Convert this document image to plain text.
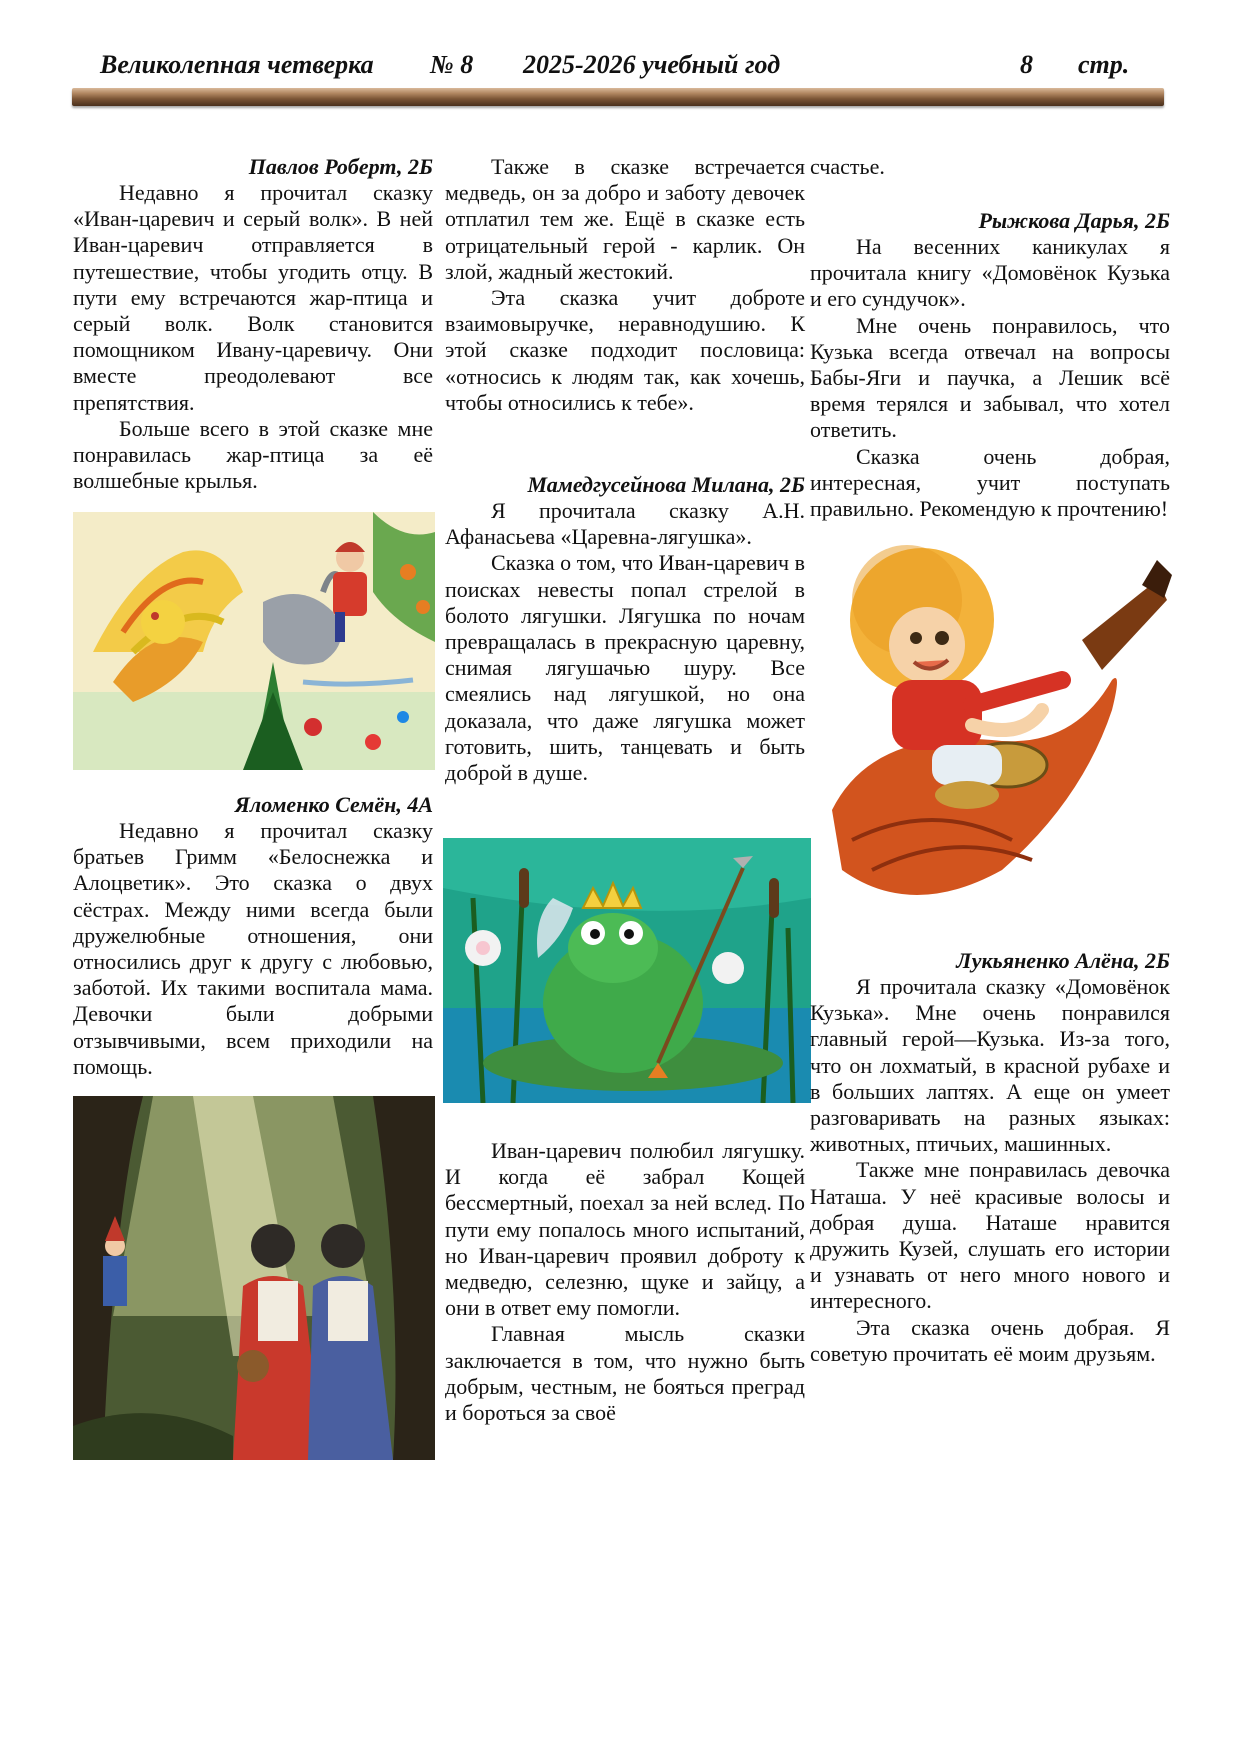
Великолепная четверка № 8 2025-2026 учебный год	8 стр.
Павлов Роберт, 2Б

Недавно я прочитал сказку «Иван-царевич и серый волк». В ней Иван-царевич отправляется в путешествие, чтобы угодить отцу. В пути ему встречаются жар-птица и серый волк. Волк становится помощником Ивану-царевичу. Они вместе преодолевают все препятствия.

Больше всего в этой сказке мне понравилась жар-птица за её волшебные крылья.

Яломенко Семён, 4А

Недавно я прочитал сказку братьев Гримм «Белоснежка и Алоцветик». Это сказка о двух сёстрах. Между ними всегда были дружелюбные отношения, они относились друг к другу с любовью, заботой. Их такими воспитала мама. Девочки были добрыми отзывчивыми, всем приходили на помощь.

Также в сказке встречается медведь, он за добро и заботу девочек отплатил тем же. Ещё в сказке есть отрицательный герой - карлик. Он злой, жадный жестокий.

Эта сказка учит доброте взаимовыручке, неравнодушию. К этой сказке подходит пословица: «относись к людям так, как хочешь, чтобы относились к тебе».

Мамедгусейнова Милана, 2Б

Я прочитала сказку А.Н. Афанасьева «Царевна-лягушка».

Сказка о том, что Иван-царевич в поисках невесты попал стрелой в болото лягушки. Лягушка по ночам превращалась в прекрасную царевну, снимая лягушачью шуру. Все смеялись над лягушкой, но она доказала, что даже лягушка может готовить, шить, танцевать и быть доброй в душе.

Иван-царевич полюбил лягушку. И когда её забрал Кощей бессмертный, поехал за ней вслед. По пути ему попалось много испытаний, но Иван-царевич проявил доброту к медведю, селезню, щуке и зайцу, а они в ответ ему помогли.

Главная мысль сказки заключается в том, что нужно быть добрым, честным, не бояться преград и бороться за своё

счастье.

Рыжкова Дарья, 2Б

На весенних каникулах я прочитала книгу «Домовёнок Кузька и его сундучок».

Мне очень понравилось, что Кузька всегда отвечал на вопросы Бабы-Яги и паучка, а Лешик всё время терялся и забывал, что хотел ответить.

Сказка очень добрая, интересная, учит поступать правильно. Рекомендую к прочтению!

Лукьяненко Алёна, 2Б

Я прочитала сказку «Домовёнок Кузька». Мне очень понравился главный герой—Кузька. Из-за того, что он лохматый, в красной рубахе и в больших лаптях. А еще он умеет разговаривать на разных языках: животных, птичьих, машинных.

Также мне понравилась девочка Наташа. У неё красивые волосы и добрая душа. Наташе нравится дружить Кузей, слушать его истории и узнавать от него много нового и интересного.

Эта сказка очень добрая. Я советую прочитать её моим друзьям.
